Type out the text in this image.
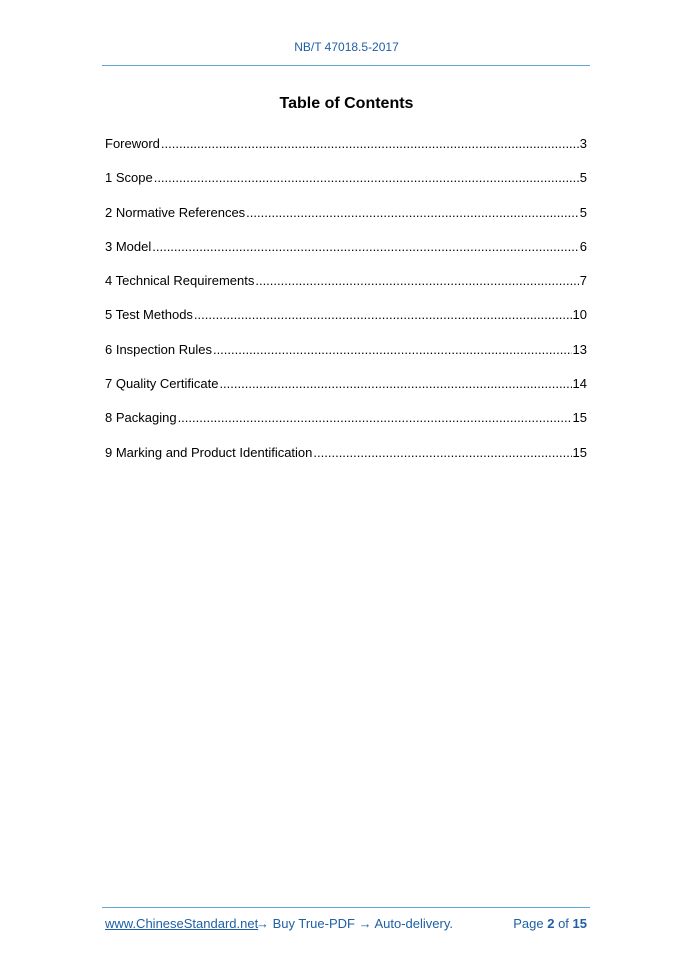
NB/T 47018.5-2017
Table of Contents
Foreword .....	3
1 Scope .....	5
2 Normative References .....	5
3 Model .....	6
4 Technical Requirements .....	7
5 Test Methods .....	10
6 Inspection Rules .....	13
7 Quality Certificate .....	14
8 Packaging .....	15
9 Marking and Product Identification .....	15
www.ChineseStandard.net
→ Buy True-PDF → Auto-delivery.	Page 2 of 15
